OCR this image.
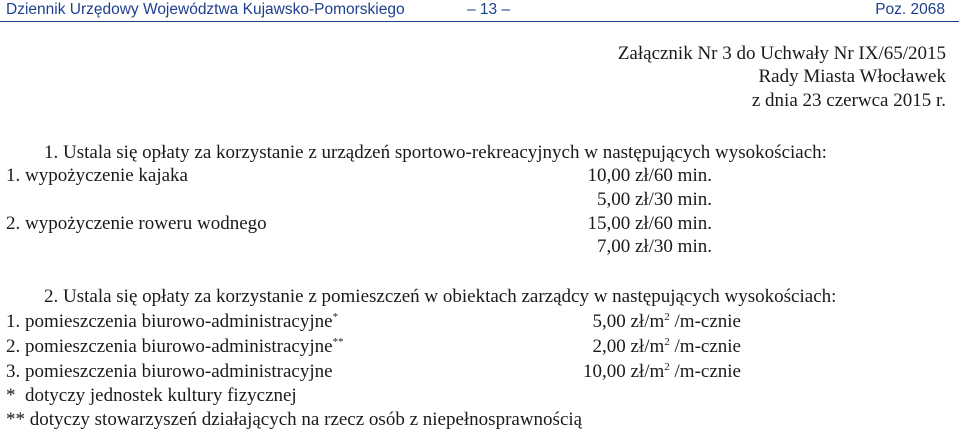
Dziennik Urzędowy Województwa Kujawsko-Pomorskiego	– 13 –	Poz. 2068
Załącznik Nr 3 do Uchwały Nr IX/65/2015
Rady Miasta Włocławek
z dnia 23 czerwca 2015 r.
1. Ustala się opłaty za korzystanie z urządzeń sportowo-rekreacyjnych w następujących wysokościach:
1. wypożyczenie kajaka	10,00 zł/60 min.
5,00 zł/30 min.
2. wypożyczenie roweru wodnego	15,00 zł/60 min.
7,00 zł/30 min.
2. Ustala się opłaty za korzystanie z pomieszczeń w obiektach zarządcy w następujących wysokościach:
1. pomieszczenia biurowo-administracyjne*	5,00 $zł/m^2$ /m-cznie
2. pomieszczenia biurowo-administracyjne**	2,00 $zł/m^2$ /m-cznie
3. pomieszczenia biurowo-administracyjne	10,00 $zł/m^2$ /m-cznie
*  dotyczy jednostek kultury fizycznej
** dotyczy stowarzyszeń działających na rzecz osób z niepełnosprawnością
